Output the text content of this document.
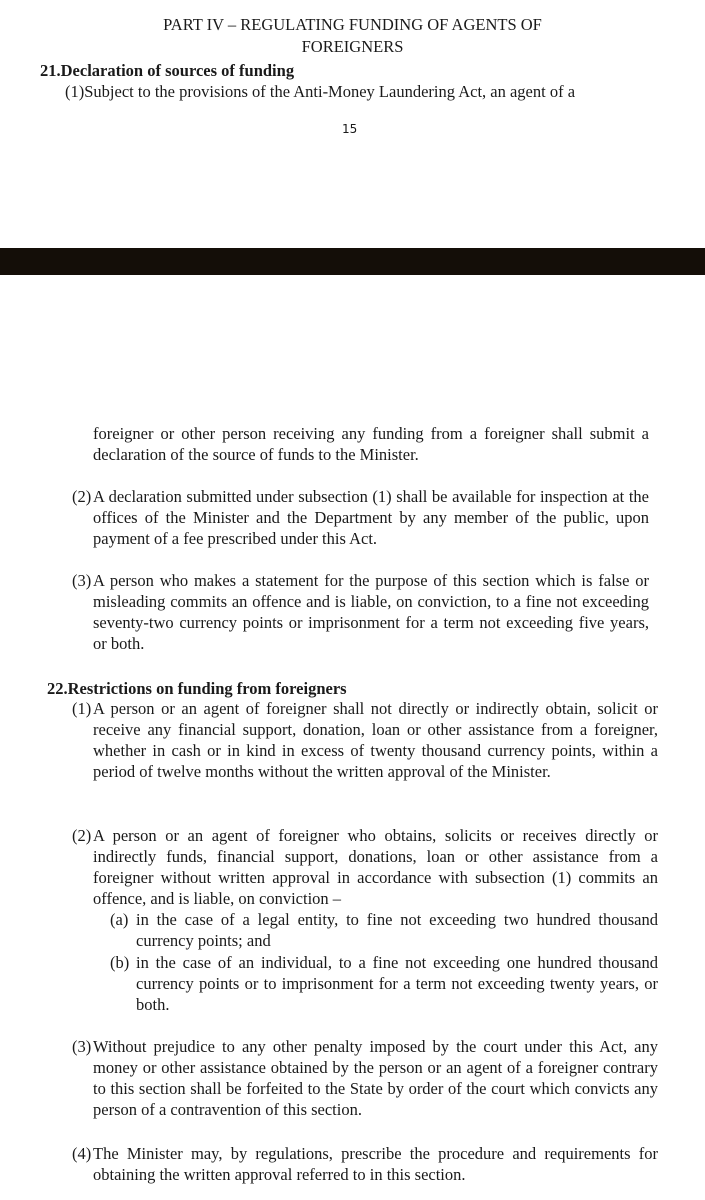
PART IV – REGULATING FUNDING OF AGENTS OF
FOREIGNERS
21.Declaration of sources of funding
(1)Subject to the provisions of the Anti-Money Laundering Act, an agent of a
15

foreigner or other person receiving any funding from a foreigner shall submit a declaration of the source of funds to the Minister.

(2) A declaration submitted under subsection (1) shall be available for inspection at the offices of the Minister and the Department by any member of the public, upon payment of a fee prescribed under this Act.

(3) A person who makes a statement for the purpose of this section which is false or misleading commits an offence and is liable, on conviction, to a fine not exceeding seventy-two currency points or imprisonment for a term not exceeding five years, or both.

22.Restrictions on funding from foreigners
(1) A person or an agent of foreigner shall not directly or indirectly obtain, solicit or receive any financial support, donation, loan or other assistance from a foreigner, whether in cash or in kind in excess of twenty thousand currency points, within a period of twelve months without the written approval of the Minister.

(2) A person or an agent of foreigner who obtains, solicits or receives directly or indirectly funds, financial support, donations, loan or other assistance from a foreigner without written approval in accordance with subsection (1) commits an offence, and is liable, on conviction –

(a) in the case of a legal entity, to fine not exceeding two hundred thousand currency points; and

(b) in the case of an individual, to a fine not exceeding one hundred thousand currency points or to imprisonment for a term not exceeding twenty years, or both.

(3) Without prejudice to any other penalty imposed by the court under this Act, any money or other assistance obtained by the person or an agent of a foreigner contrary to this section shall be forfeited to the State by order of the court which convicts any person of a contravention of this section.

(4) The Minister may, by regulations, prescribe the procedure and requirements for obtaining the written approval referred to in this section.
